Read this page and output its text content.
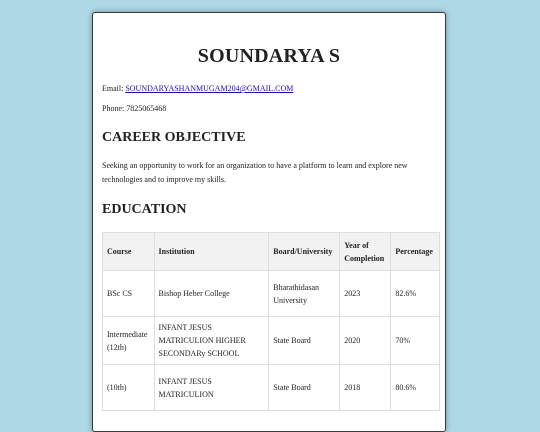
SOUNDARYA S
Email: SOUNDARYASHANMUGAM204@GMAIL.COM
Phone: 7825065468
CAREER OBJECTIVE
Seeking an opportunity to work for an organization to have a platform to learn and explore new technologies and to improve my skills.
EDUCATION
Course	Institution	Board/University	Year of Completion	Percentage
BSc CS	Bishop Heber College	Bharathidasan University	2023	82.6%
Intermediate (12th)	INFANT JESUS MATRICULION HIGHER SECONDARy SCHOOL	State Board	2020	70%
(10th)	INFANT JESUS MATRICULION	State Board	2018	80.6%
